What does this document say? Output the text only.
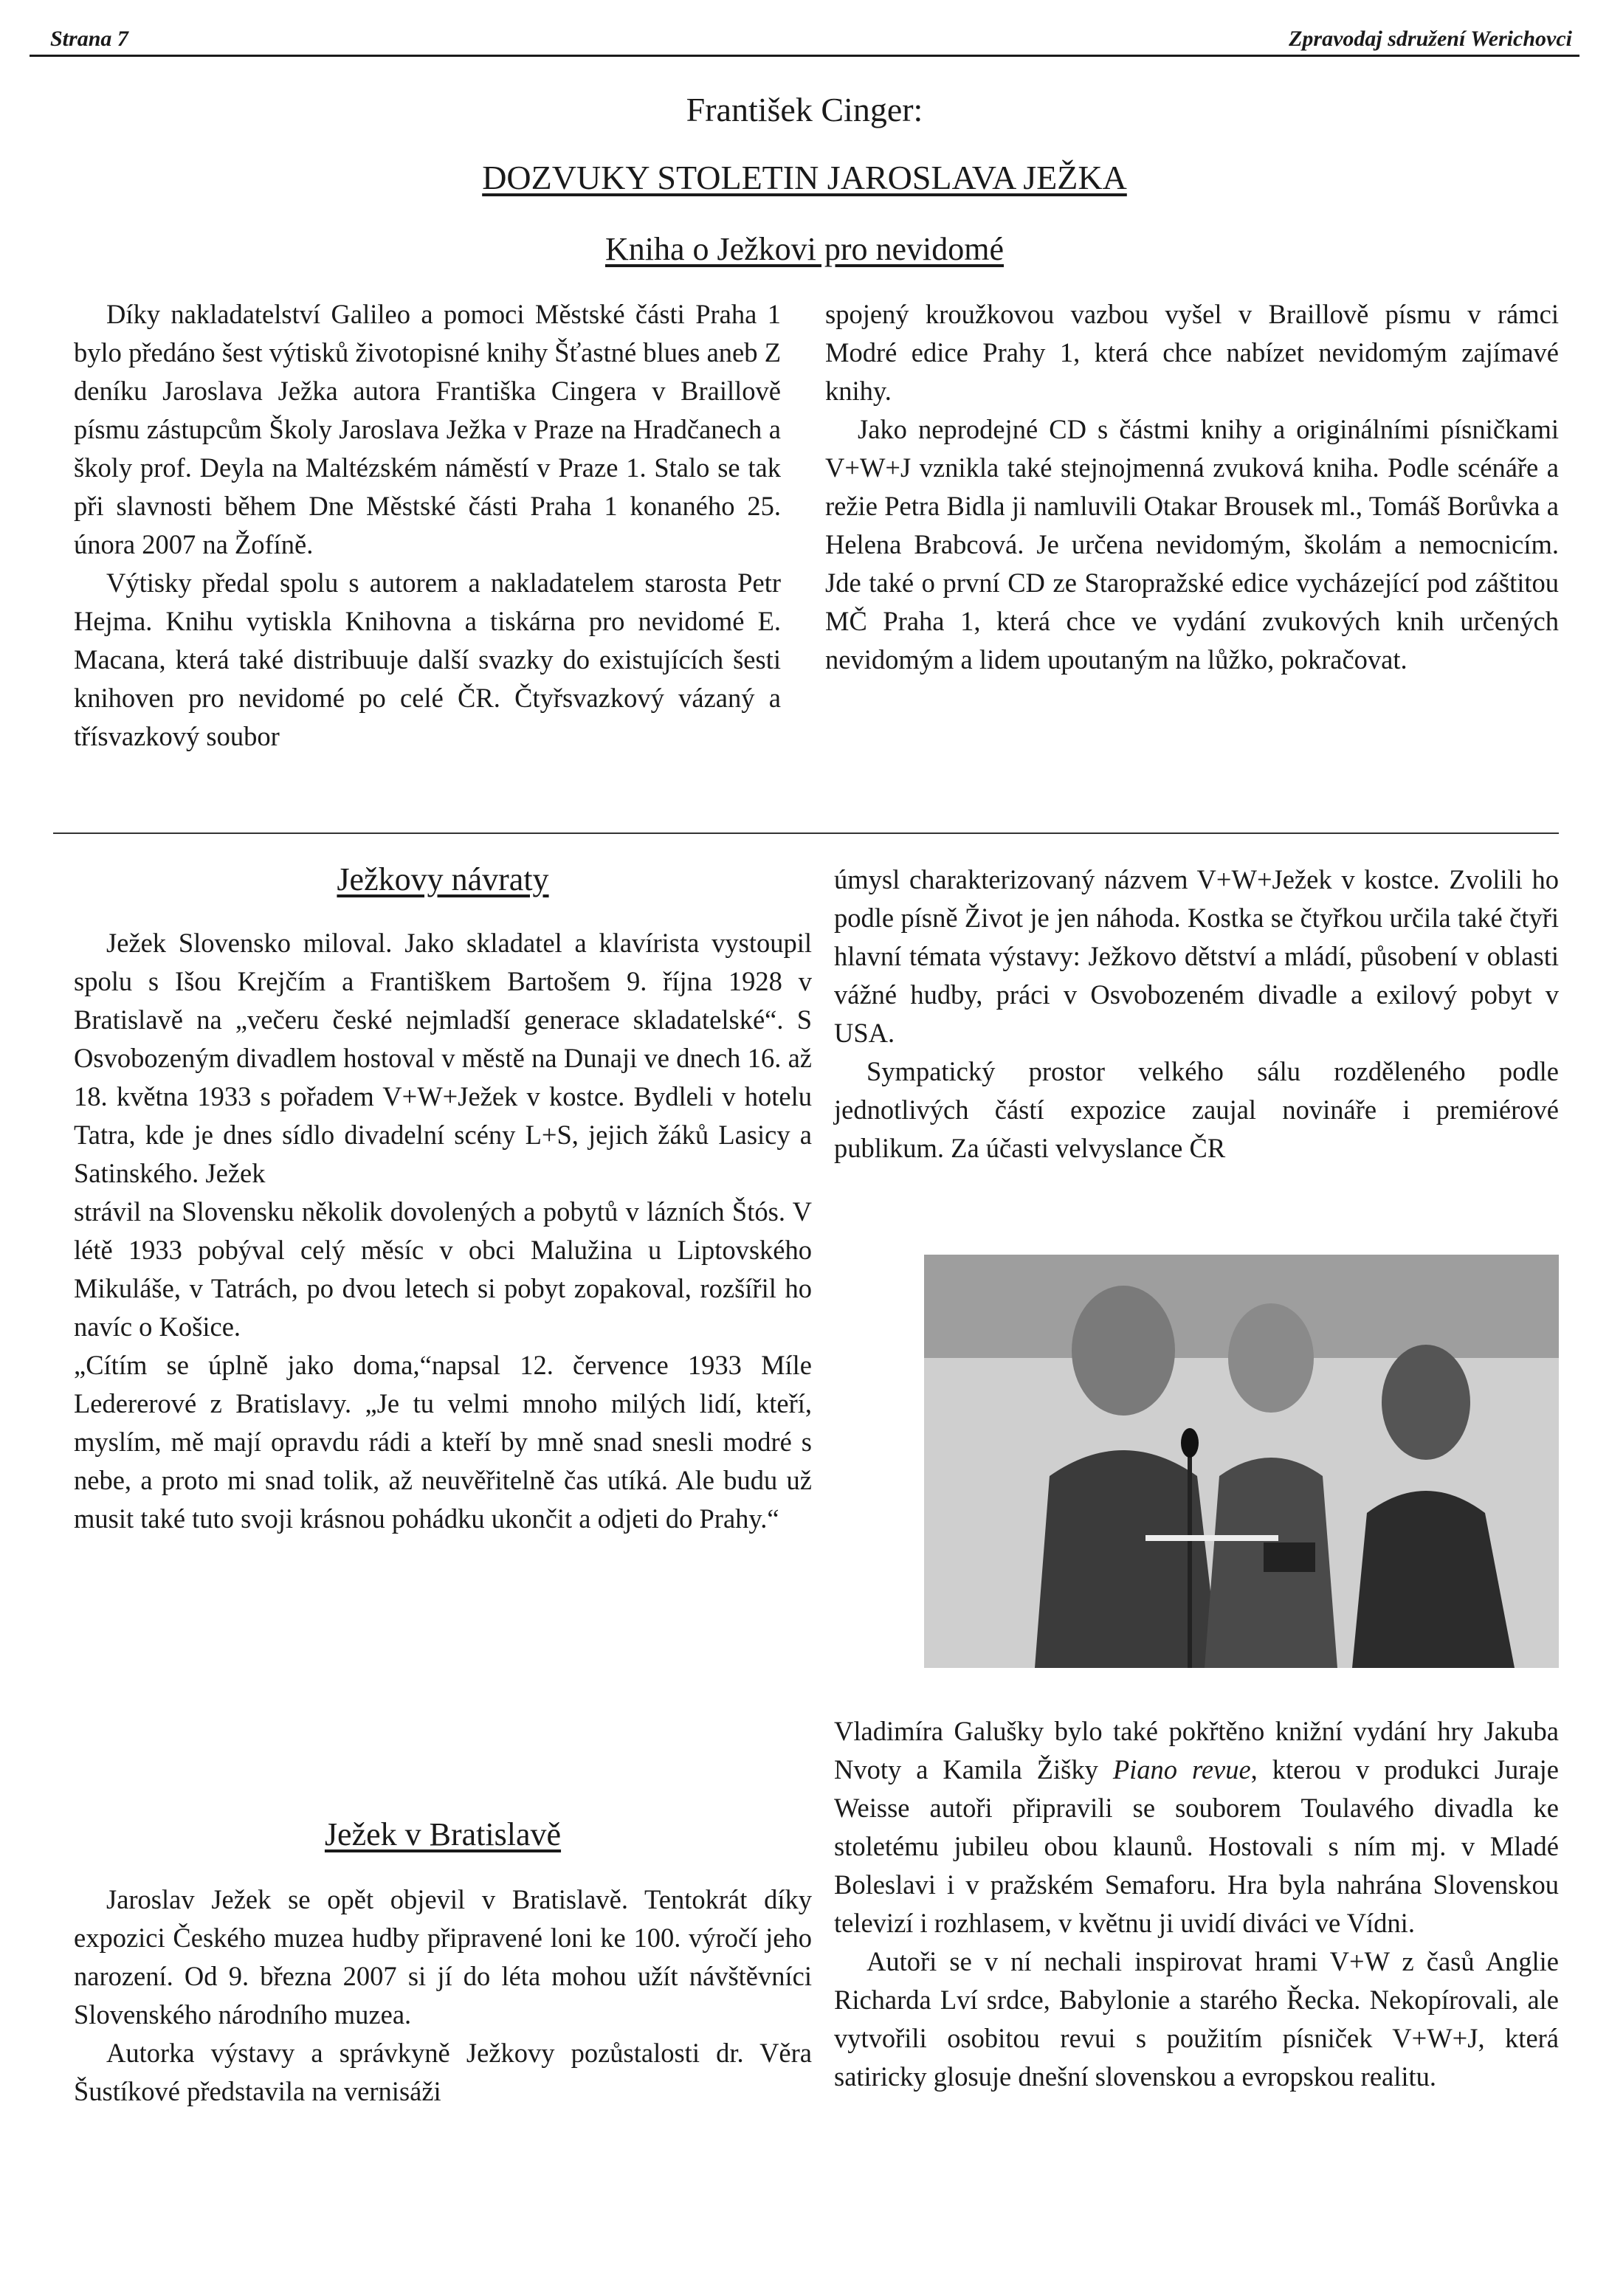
Strana 7	Zpravodaj sdružení Werichovci
František Cinger:
DOZVUKY STOLETIN JAROSLAVA JEŽKA
Kniha o Ježkovi pro nevidomé

Díky nakladatelství Galileo a pomoci Městské části Praha 1 bylo předáno šest výtisků životopisné knihy Šťastné blues aneb Z deníku Jaroslava Ježka autora Františka Cingera v Braillově písmu zástupcům Školy Jaroslava Ježka v Praze na Hradčanech a školy prof. Deyla na Maltézském náměstí v Praze 1. Stalo se tak při slavnosti během Dne Městské části Praha 1 konaného 25. února 2007 na Žofíně.

Výtisky předal spolu s autorem a nakladatelem starosta Petr Hejma. Knihu vytiskla Knihovna a tiskárna pro nevidomé E. Macana, která také distribuuje další svazky do existujících šesti knihoven pro nevidomé po celé ČR. Čtyřsvazkový vázaný a třísvazkový soubor

spojený kroužkovou vazbou vyšel v Braillově písmu v rámci Modré edice Prahy 1, která chce nabízet nevidomým zajímavé knihy.

Jako neprodejné CD s částmi knihy a originálními písničkami V+W+J vznikla také stejnojmenná zvuková kniha. Podle scénáře a režie Petra Bidla ji namluvili Otakar Brousek ml., Tomáš Borůvka a Helena Brabcová. Je určena nevidomým, školám a nemocnicím. Jde také o první CD ze Staropražské edice vycházející pod záštitou MČ Praha 1, která chce ve vydání zvukových knih určených nevidomým a lidem upoutaným na lůžko, pokračovat.

Ježkovy návraty

Ježek Slovensko miloval. Jako skladatel a klavírista vystoupil spolu s Išou Krejčím a Františkem Bartošem 9. října 1928 v Bratislavě na „večeru české nejmladší generace skladatelské“. S Osvobozeným divadlem hostoval v městě na Dunaji ve dnech 16. až 18. května 1933 s pořadem V+W+Ježek v kostce. Bydleli v hotelu Tatra, kde je dnes sídlo divadelní scény L+S, jejich žáků Lasicy a Satinského. Ježek

strávil na Slovensku několik dovolených a pobytů v lázních Štós. V létě 1933 pobýval celý měsíc v obci Malužina u Liptovského Mikuláše, v Tatrách, po dvou letech si pobyt zopakoval, rozšířil ho navíc o Košice.

„Cítím se úplně jako doma,“napsal 12. července 1933 Míle Ledererové z Bratislavy. „Je tu velmi mnoho milých lidí, kteří, myslím, mě mají opravdu rádi a kteří by mně snad snesli modré s nebe, a proto mi snad tolik, až neuvěřitelně čas utíká. Ale budu už musit také tuto svoji krásnou pohádku ukončit a odjeti do Prahy.“

Ježek v Bratislavě

Jaroslav Ježek se opět objevil v Bratislavě. Tentokrát díky expozici Českého muzea hudby připravené loni ke 100. výročí jeho narození. Od 9. března 2007 si jí do léta mohou užít návštěvníci Slovenského národního muzea.

Autorka výstavy a správkyně Ježkovy pozůstalosti dr. Věra Šustíkové představila na vernisáži

úmysl charakterizovaný názvem V+W+Ježek v kostce. Zvolili ho podle písně Život je jen náhoda. Kostka se čtyřkou určila také čtyři hlavní témata výstavy: Ježkovo dětství a mládí, působení v oblasti vážné hudby, práci v Osvobozeném divadle a exilový pobyt v USA.

Sympatický prostor velkého sálu rozděleného podle jednotlivých částí expozice zaujal novináře i premiérové publikum. Za účasti velvyslance ČR

Vladimíra Galušky bylo také pokřtěno knižní vydání hry Jakuba Nvoty a Kamila Žišky Piano revue, kterou v produkci Juraje Weisse autoři připravili se souborem Toulavého divadla ke stoletému jubileu obou klaunů. Hostovali s ním mj. v Mladé Boleslavi i v pražském Semaforu. Hra byla nahrána Slovenskou televizí i rozhlasem, v květnu ji uvidí diváci ve Vídni.

Autoři se v ní nechali inspirovat hrami V+W z časů Anglie Richarda Lví srdce, Babylonie a starého Řecka. Nekopírovali, ale vytvořili osobitou revui s použitím písniček V+W+J, která satiricky glosuje dnešní slovenskou a evropskou realitu.
